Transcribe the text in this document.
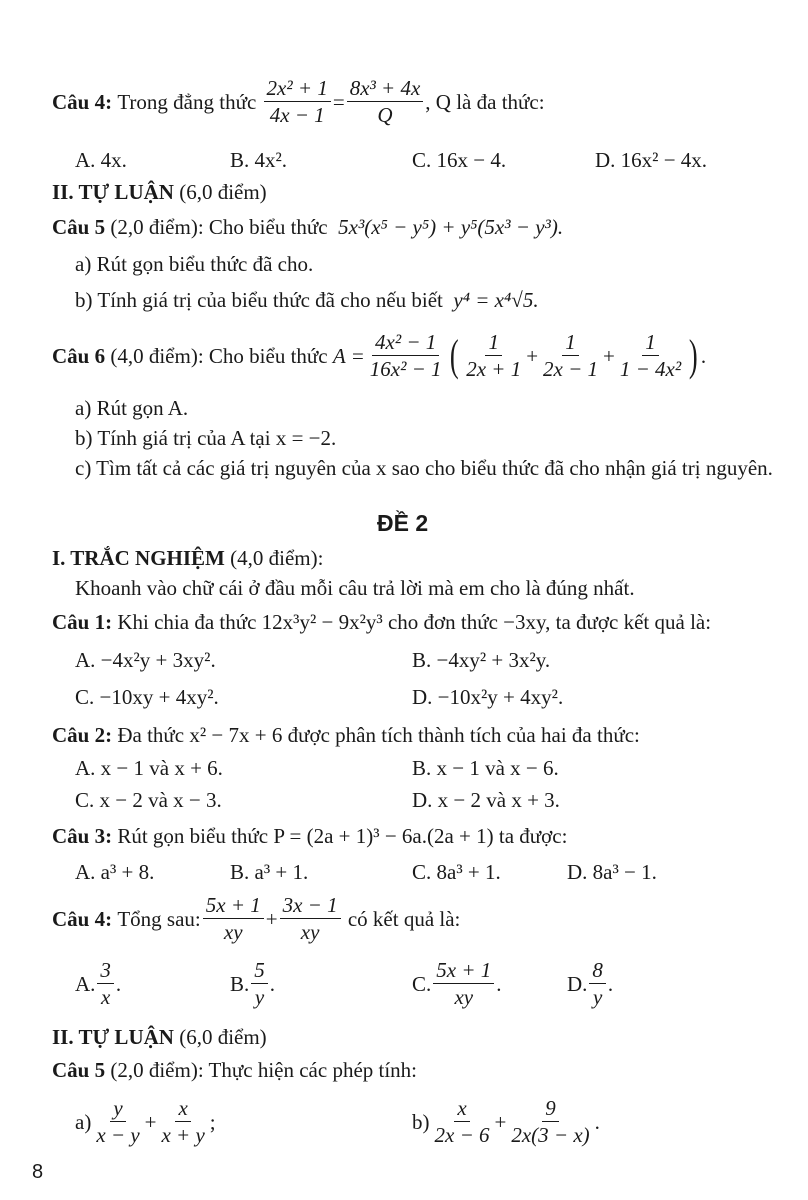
Câu 4:
Trong đẳng thức
$\frac{\text{2x² + 1}}{4x - 1} = \frac{\text{8x³ + 4x}}{Q}$ , Q là đa thức:
A. 4x.	B. 4x².	C. 16x − 4.	D. 16x² − 4x.
II. TỰ LUẬN (6,0 điểm)
Câu 5 (2,0 điểm): Cho biểu thức 5x³(x⁵ − y⁵) + y⁵(5x³ − y³).
a) Rút gọn biểu thức đã cho.
b) Tính giá trị của biểu thức đã cho nếu biết y⁴ = x⁴√5.
Câu 6
(4,0 điểm): Cho biểu thức
$A = \frac{\text{4x² − 1}}{\text{16x² − 1}}$ ( $\frac{1}{2x + 1} + \frac{1}{2x - 1} + \frac{1}{\text{1 − 4x²}}$ ) .
a) Rút gọn A.
b) Tính giá trị của A tại x = −2.
c) Tìm tất cả các giá trị nguyên của x sao cho biểu thức đã cho nhận giá trị nguyên.
ĐỀ 2
I. TRẮC NGHIỆM (4,0 điểm):
Khoanh vào chữ cái ở đầu mỗi câu trả lời mà em cho là đúng nhất.
Câu 1: Khi chia đa thức 12x³y² − 9x²y³ cho đơn thức −3xy, ta được kết quả là:
A. −4x²y + 3xy².	B. −4xy² + 3x²y.
C. −10xy + 4xy².	D. −10x²y + 4xy².
Câu 2: Đa thức x² − 7x + 6 được phân tích thành tích của hai đa thức:
A. x − 1 và x + 6.	B. x − 1 và x − 6.
C. x − 2 và x − 3.	D. x − 2 và x + 3.
Câu 3: Rút gọn biểu thức P = (2a + 1)³ − 6a.(2a + 1) ta được:
A. a³ + 8.	B. a³ + 1.	C. 8a³ + 1.	D. 8a³ − 1.
Câu 4:
Tổng sau: $\frac{5x + 1}{xy} + \frac{3x - 1}{xy}$
có kết quả là:
A. $\frac{3}{x}$ .	B. $\frac{5}{y}$ .	C. $\frac{5x + 1}{xy}$ .	D. $\frac{8}{y}$ .
II. TỰ LUẬN (6,0 điểm)
Câu 5 (2,0 điểm): Thực hiện các phép tính:
$a) \frac{y}{x - y} + \frac{x}{x + y}$ ;	$b) \frac{x}{2x - 6} + \frac{9}{2x(3 - x)}$ .
8
